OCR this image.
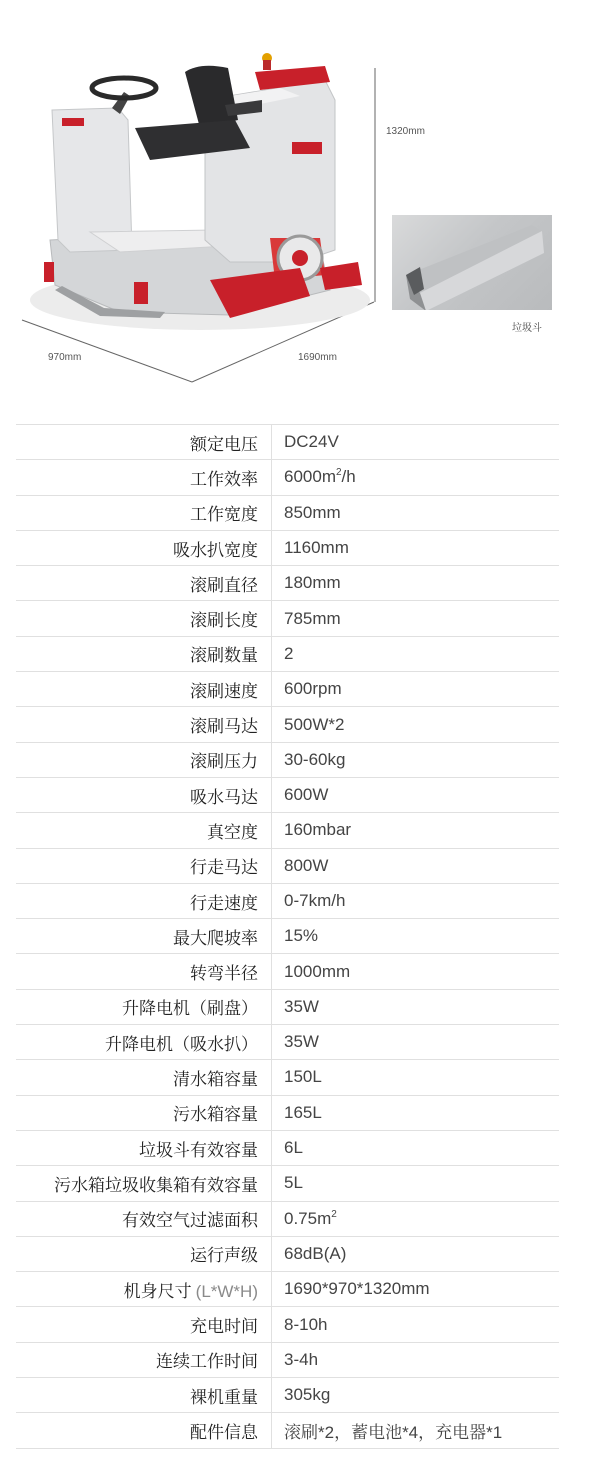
1320mm
970mm	1690mm
垃圾斗
额定电压	DC24V
工作效率	$6000m^2/h$
工作宽度	850mm
吸水扒宽度	1160mm
滚刷直径	180mm
滚刷长度	785mm
滚刷数量	2
滚刷速度	600rpm
滚刷马达	500W*2
滚刷压力	30-60kg
吸水马达	600W
真空度	160mbar
行走马达	800W
行走速度	0-7km/h
最大爬坡率	15%
转弯半径	1000mm
升降电机（刷盘）	35W
升降电机（吸水扒）	35W
清水箱容量	150L
污水箱容量	165L
垃圾斗有效容量	6L
污水箱垃圾收集箱有效容量	5L
有效空气过滤面积	$0.75m^2$
运行声级	68dB(A)
机身尺寸 (L*W*H)	1690*970*1320mm
充电时间	8-10h
连续工作时间	3-4h
裸机重量	305kg
配件信息	滚刷*2，蓄电池*4，充电器*1
